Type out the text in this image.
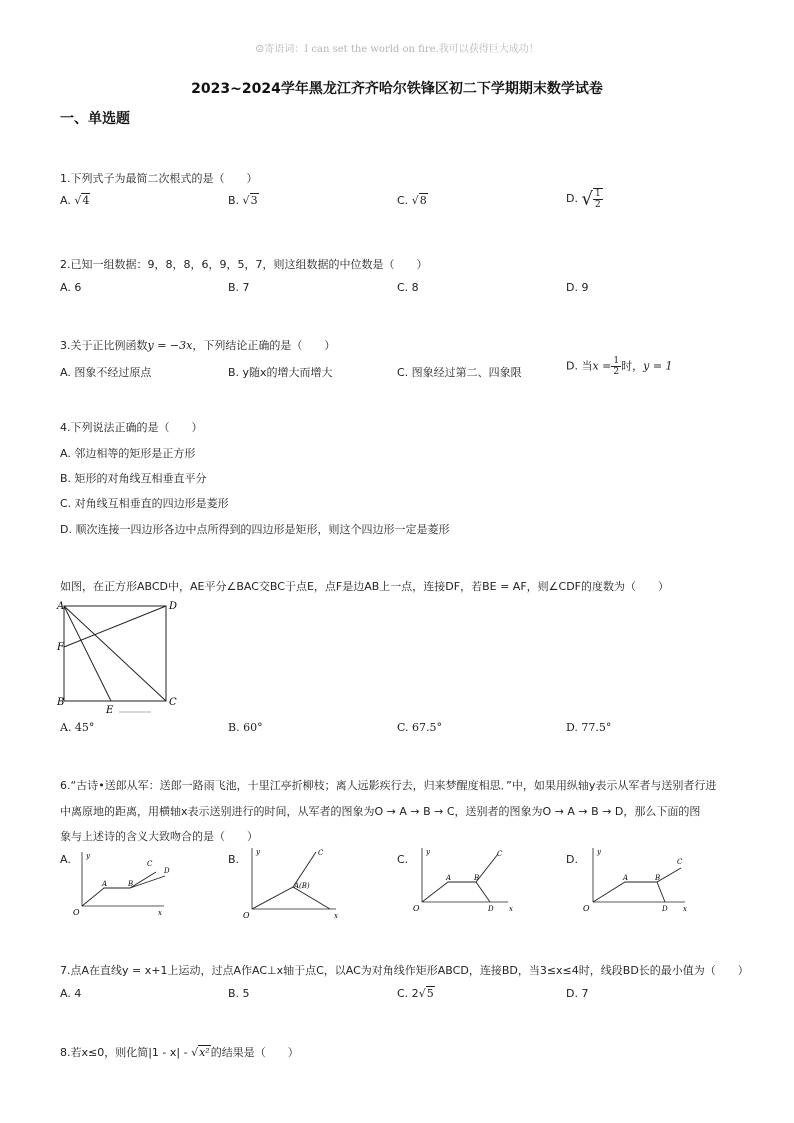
☺寄语词：I can set the world on fire.我可以获得巨大成功！
2023~2024学年黑龙江齐齐哈尔铁锋区初二下学期期末数学试卷
一、单选题
1.下列式子为最简二次根式的是（　　）
A. √4	B. √3	C. √8	D. √ $\frac{1}{2}$
2.已知一组数据：9，8，8，6，9，5，7，则这组数据的中位数是（　　）
A. 6	B. 7	C. 8	D. 9
3.关于正比例函数y = −3x，下列结论正确的是（　　）
A. 图象不经过原点	B. y随x的增大而增大	C. 图象经过第二、四象限	D. 当$x = \frac{1}{2}$ 时，y = 1
4.下列说法正确的是（　　）
A. 邻边相等的矩形是正方形
B. 矩形的对角线互相垂直平分
C. 对角线互相垂直的四边形是菱形
D. 顺次连接一四边形各边中点所得到的四边形是矩形，则这个四边形一定是菱形
如图，在正方形ABCD中，AE平分∠BAC交BC于点E，点F是边AB上一点，连接DF，若BE = AF，则∠CDF的度数为（　　）
A	D
F
B	C
E
A. 45°	B. 60°	C. 67.5°	D. 77.5°
6.“古诗•送郎从军：送郎一路雨飞池，十里江亭折柳枝；离人远影疾行去，归来梦醒度相思．”中，如果用纵轴y表示从军者与送别者行进
中离原地的距离，用横轴x表示送别进行的时间，从军者的图象为O → A → B → C，送别者的图象为O → A → B → D，那么下面的图
象与上述诗的含义大致吻合的是（　　）
A. y
x
O
A	B
C
D
B.
y
x
O
A(B)
C	C.
y
x
O
A	B
C
D
D.
y
x
O
A	B
C
D
7.点A在直线y = x+1上运动，过点A作AC⊥x轴于点C，以AC为对角线作矩形ABCD，连接BD，当3≤x≤4时，线段BD长的最小值为（　　）
A. 4	B. 5	C. 2√5	D. 7
8.若x≤0，则化简|1 - x| - √x²的结果是（　　）
